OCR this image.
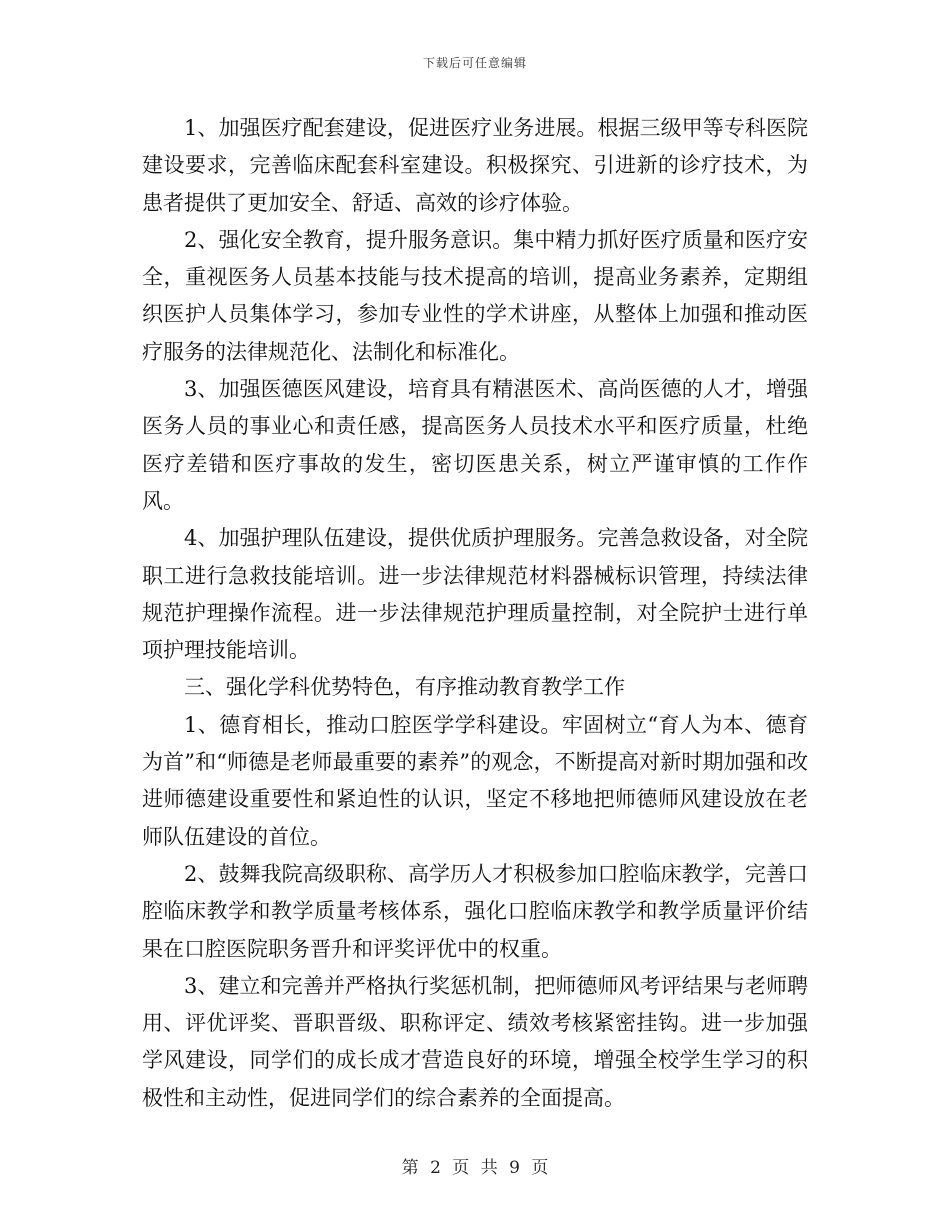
下载后可任意编辑

1、加强医疗配套建设，促进医疗业务进展。根据三级甲等专科医院建设要求，完善临床配套科室建设。积极探究、引进新的诊疗技术，为患者提供了更加安全、舒适、高效的诊疗体验。

2、强化安全教育，提升服务意识。集中精力抓好医疗质量和医疗安全，重视医务人员基本技能与技术提高的培训，提高业务素养，定期组织医护人员集体学习，参加专业性的学术讲座，从整体上加强和推动医疗服务的法律规范化、法制化和标准化。

3、加强医德医风建设，培育具有精湛医术、高尚医德的人才，增强医务人员的事业心和责任感，提高医务人员技术水平和医疗质量，杜绝医疗差错和医疗事故的发生，密切医患关系，树立严谨审慎的工作作风。

4、加强护理队伍建设，提供优质护理服务。完善急救设备，对全院职工进行急救技能培训。进一步法律规范材料器械标识管理，持续法律规范护理操作流程。进一步法律规范护理质量控制，对全院护士进行单项护理技能培训。

三、强化学科优势特色，有序推动教育教学工作

1、德育相长，推动口腔医学学科建设。牢固树立“育人为本、德育为首”和“师德是老师最重要的素养”的观念，不断提高对新时期加强和改进师德建设重要性和紧迫性的认识，坚定不移地把师德师风建设放在老师队伍建设的首位。

2、鼓舞我院高级职称、高学历人才积极参加口腔临床教学，完善口腔临床教学和教学质量考核体系，强化口腔临床教学和教学质量评价结果在口腔医院职务晋升和评奖评优中的权重。

3、建立和完善并严格执行奖惩机制，把师德师风考评结果与老师聘用、评优评奖、晋职晋级、职称评定、绩效考核紧密挂钩。进一步加强学风建设，同学们的成长成才营造良好的环境，增强全校学生学习的积极性和主动性，促进同学们的综合素养的全面提高。

第 2 页 共 9 页
